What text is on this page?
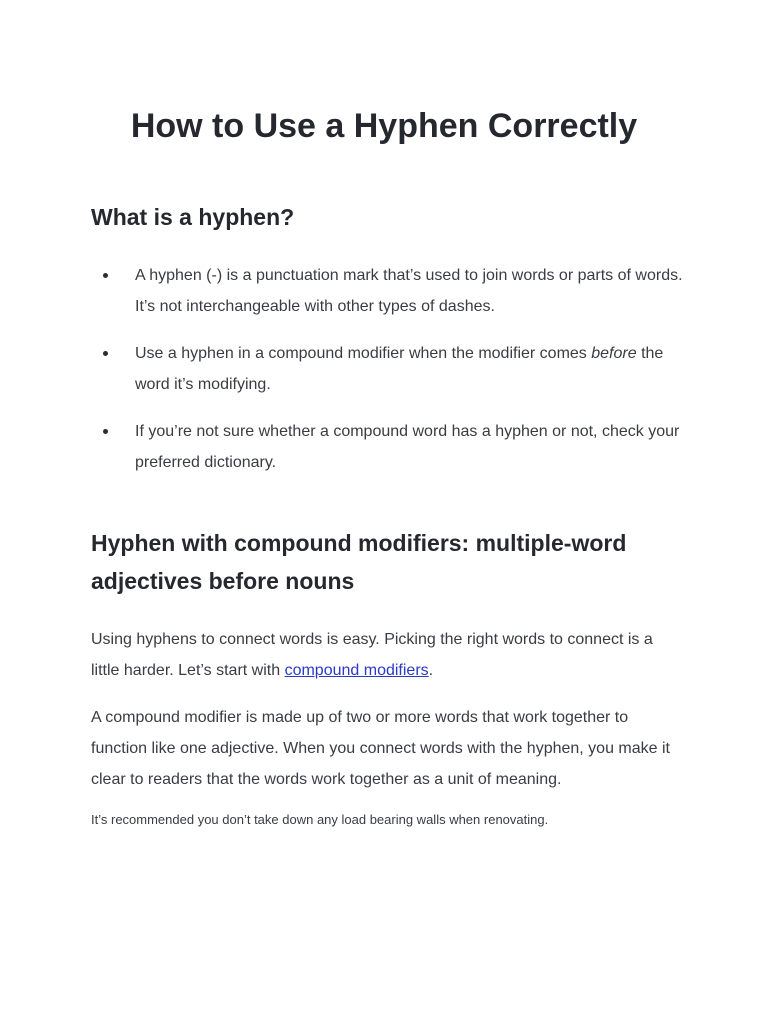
How to Use a Hyphen Correctly
What is a hyphen?
A hyphen (-) is a punctuation mark that’s used to join words or parts of words. It’s not interchangeable with other types of dashes.
Use a hyphen in a compound modifier when the modifier comes before the word it’s modifying.
If you’re not sure whether a compound word has a hyphen or not, check your preferred dictionary.
Hyphen with compound modifiers: multiple-word adjectives before nouns

Using hyphens to connect words is easy. Picking the right words to connect is a little harder. Let’s start with compound modifiers.

A compound modifier is made up of two or more words that work together to function like one adjective. When you connect words with the hyphen, you make it clear to readers that the words work together as a unit of meaning.

It’s recommended you don’t take down any load bearing walls when renovating.
